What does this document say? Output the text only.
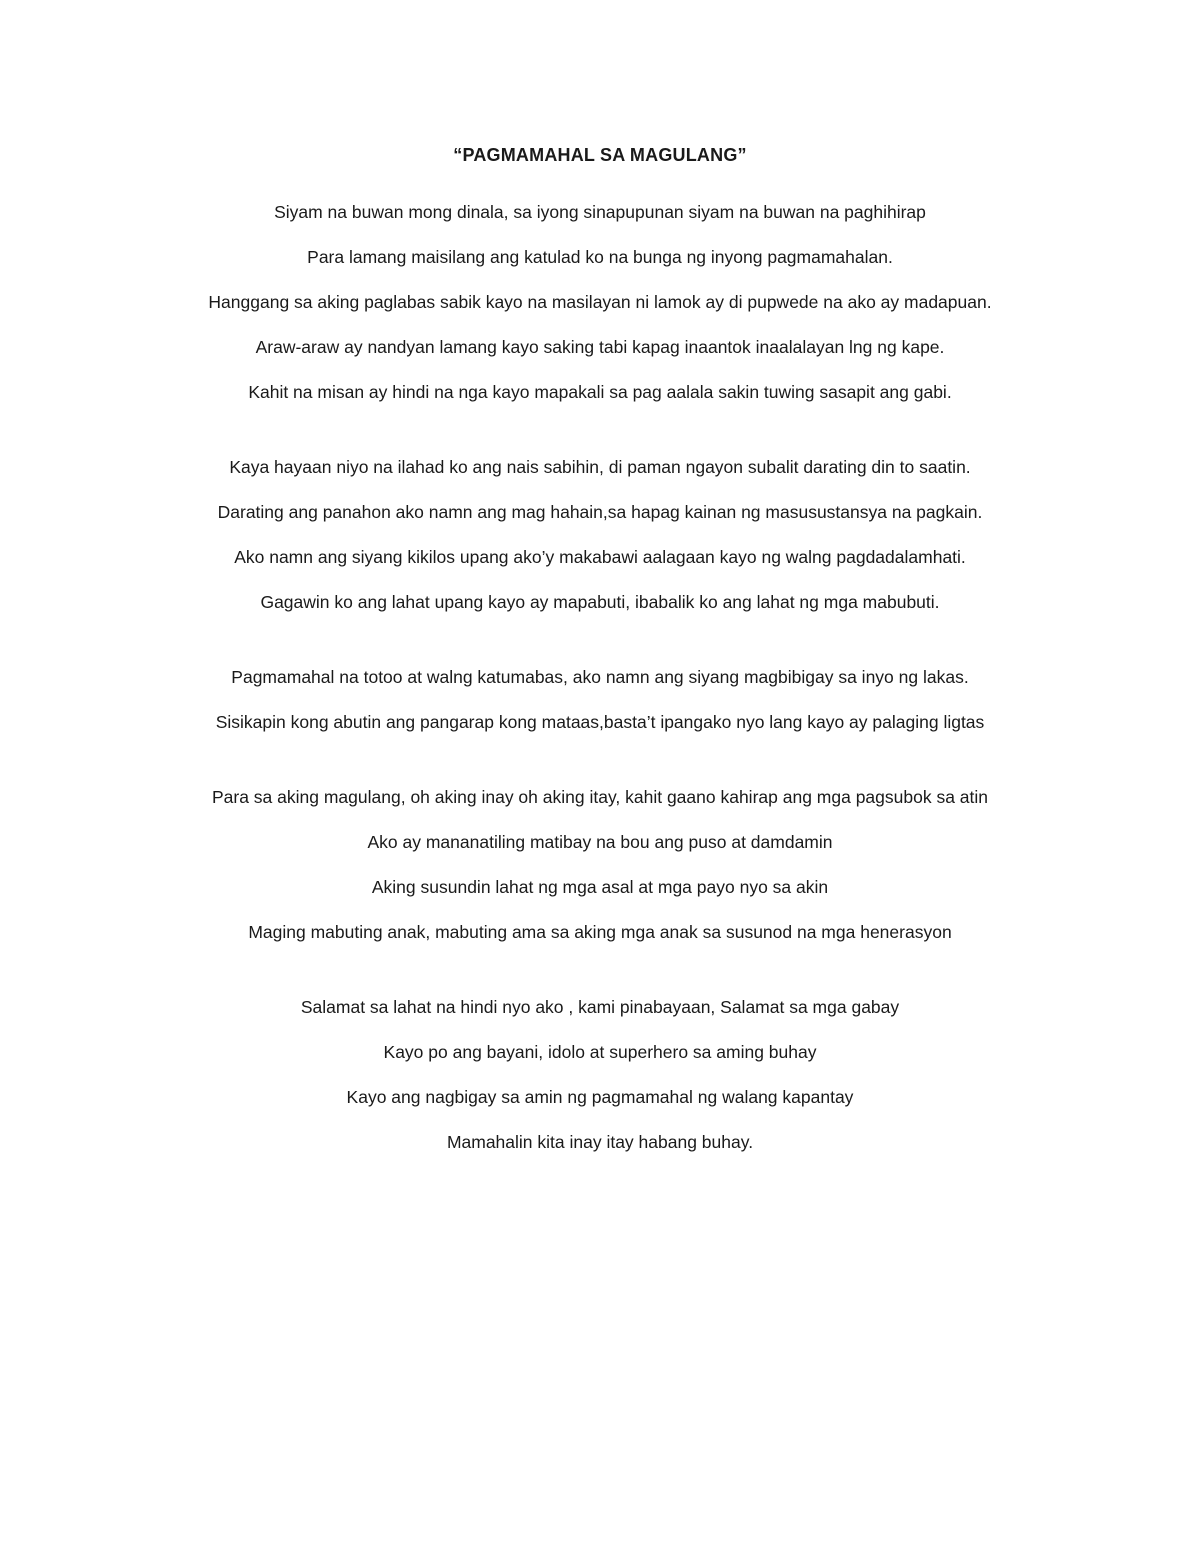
“PAGMAMAHAL SA MAGULANG”
Siyam na buwan mong dinala, sa iyong sinapupunan siyam na buwan na paghihirap
Para lamang maisilang ang katulad ko na bunga ng inyong pagmamahalan.
Hanggang sa aking paglabas sabik kayo na masilayan ni lamok ay di pupwede na ako ay madapuan.
Araw-araw ay nandyan lamang kayo saking tabi kapag inaantok inaalalayan lng ng kape.
Kahit na misan ay hindi na nga kayo mapakali sa pag aalala sakin tuwing sasapit ang gabi.
Kaya hayaan niyo na ilahad ko ang nais sabihin, di paman ngayon subalit darating din to saatin.
Darating ang panahon ako namn ang mag hahain,sa hapag kainan ng masusustansya na pagkain.
Ako namn ang siyang kikilos upang ako’y makabawi aalagaan kayo ng walng pagdadalamhati.
Gagawin ko ang lahat upang kayo ay mapabuti, ibabalik ko ang lahat ng mga mabubuti.
Pagmamahal na totoo at walng katumabas, ako namn ang siyang magbibigay sa inyo ng lakas.
Sisikapin kong abutin ang pangarap kong mataas,basta’t ipangako nyo lang kayo ay palaging ligtas
Para sa aking magulang, oh aking inay oh aking itay, kahit gaano kahirap ang mga pagsubok sa atin
Ako ay mananatiling matibay na bou ang puso at damdamin
Aking susundin lahat ng mga asal at mga payo nyo sa akin
Maging mabuting anak, mabuting ama sa aking mga anak sa susunod na mga henerasyon
Salamat sa lahat na hindi nyo ako , kami pinabayaan, Salamat sa mga gabay
Kayo po ang bayani, idolo at superhero sa aming buhay
Kayo ang nagbigay sa amin ng pagmamahal ng walang kapantay
Mamahalin kita inay itay habang buhay.
